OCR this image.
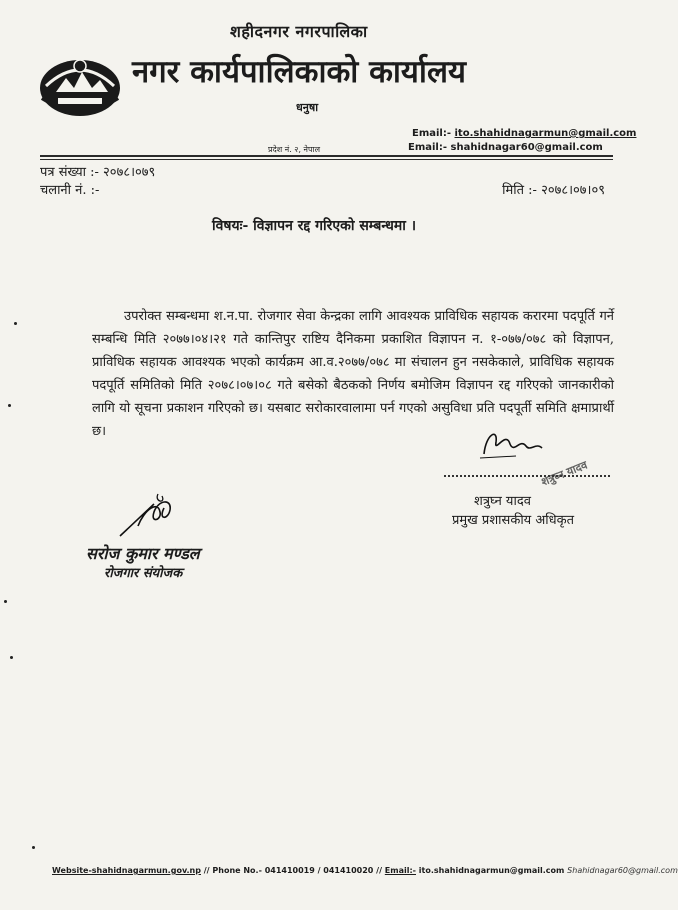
शहीदनगर नगरपालिका
नगर कार्यपालिकाको कार्यालय
धनुषा
प्रदेश नं. २, नेपाल
Email:- ito.shahidnagarmun@gmail.com
Email:- shahidnagar60@gmail.com
पत्र संख्या :- २०७८।०७९
चलानी नं. :-	मिति :- २०७८।०७।०९
विषयः- विज्ञापन रद्द गरिएको सम्बन्धमा ।

उपरोक्त सम्बन्धमा श.न.पा. रोजगार सेवा केन्द्रका लागि आवश्यक प्राविधिक सहायक करारमा पदपूर्ति गर्ने सम्बन्धि मिति २०७७।०४।२१ गते कान्तिपुर राष्टिय दैनिकमा प्रकाशित विज्ञापन न. १-०७७/०७८ को विज्ञापन, प्राविधिक सहायक आवश्यक भएको कार्यक्रम आ.व.२०७७/०७८ मा संचालन हुन नसकेकाले, प्राविधिक सहायक पदपूर्ति समितिको मिति २०७८।०७।०८ गते बसेको बैठकको निर्णय बमोजिम विज्ञापन रद्द गरिएको जानकारीको लागि यो सूचना प्रकाशन गरिएको छ। यसबाट सरोकारवालामा पर्न गएको असुविधा प्रति पदपूर्ती समिति क्षमाप्रार्थी छ।

शत्रुघ्न यादव
शत्रुघ्न यादव
प्रमुख प्रशासकीय अधिकृत
सरोज कुमार मण्डल
रोजगार संयोजक
Website-shahidnagarmun.gov.np // Phone No.- 041410019 / 041410020 // Email:- ito.shahidnagarmun@gmail.com Shahidnagar60@gmail.com
